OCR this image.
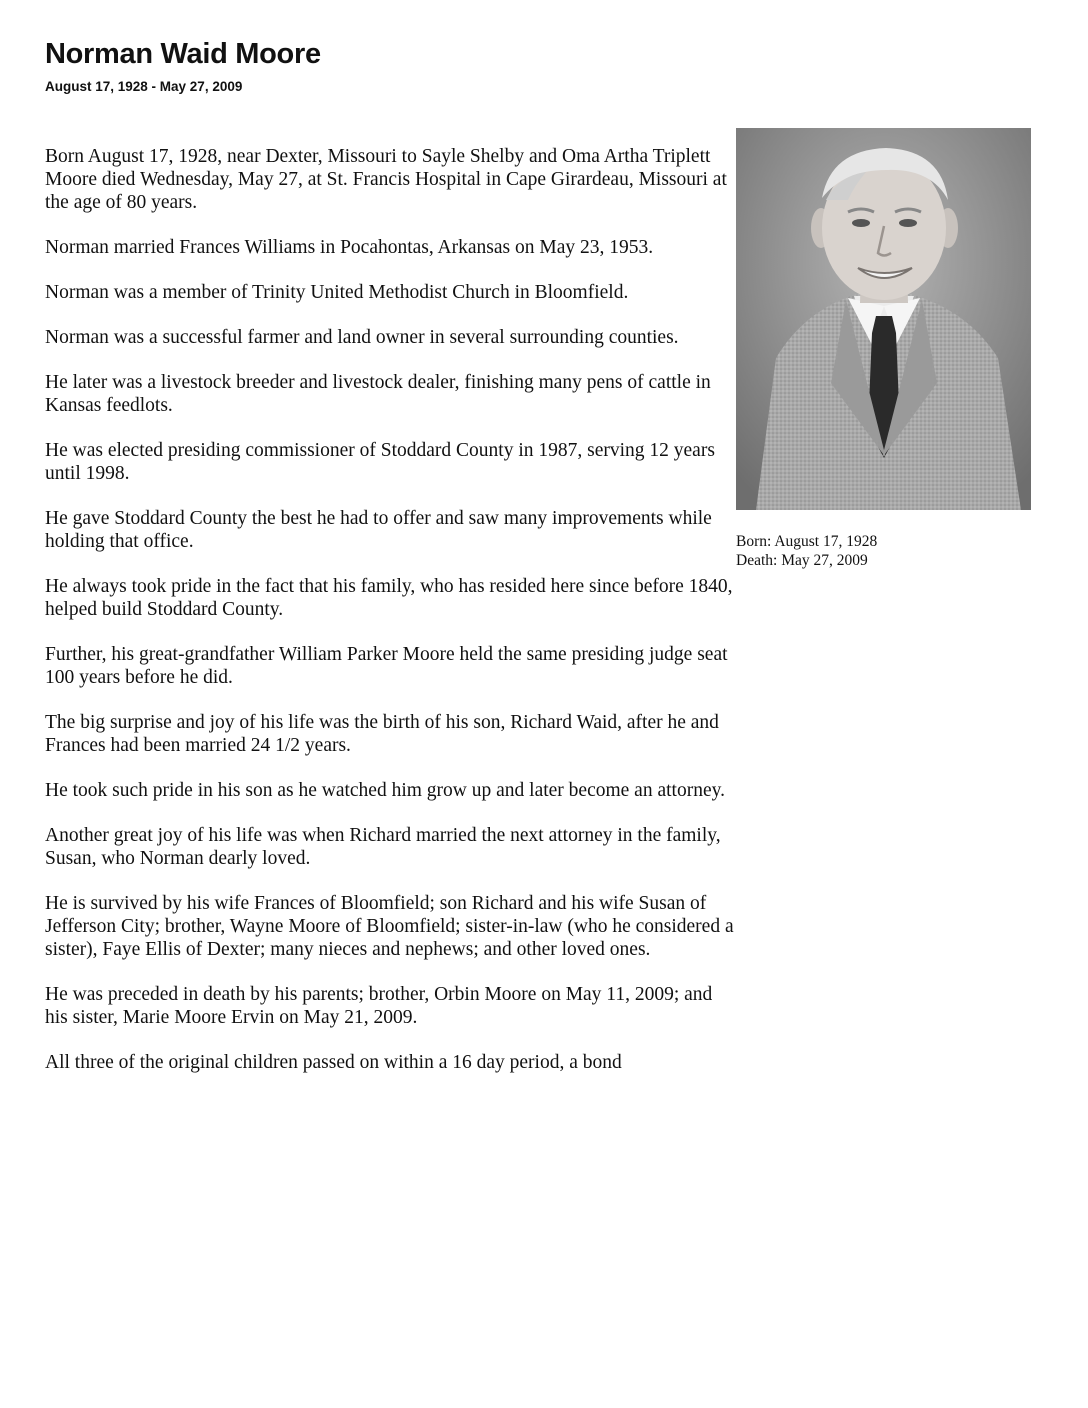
Norman Waid Moore
August 17, 1928 - May 27, 2009

Born August 17, 1928, near Dexter, Missouri to Sayle Shelby and Oma Artha Triplett Moore died Wednesday, May 27, at St. Francis Hospital in Cape Girardeau, Missouri at the age of 80 years.

Norman married Frances Williams in Pocahontas, Arkansas on May 23, 1953.

Norman was a member of Trinity United Methodist Church in Bloomfield.

Norman was a successful farmer and land owner in several surrounding counties.

He later was a livestock breeder and livestock dealer, finishing many pens of cattle in Kansas feedlots.

He was elected presiding commissioner of Stoddard County in 1987, serving 12 years until 1998.

He gave Stoddard County the best he had to offer and saw many improvements while holding that office.

He always took pride in the fact that his family, who has resided here since before 1840, helped build Stoddard County.

Further, his great-grandfather William Parker Moore held the same presiding judge seat 100 years before he did.

The big surprise and joy of his life was the birth of his son, Richard Waid, after he and Frances had been married 24 1/2 years.

He took such pride in his son as he watched him grow up and later become an attorney.

Another great joy of his life was when Richard married the next attorney in the family, Susan, who Norman dearly loved.

He is survived by his wife Frances of Bloomfield; son Richard and his wife Susan of Jefferson City; brother, Wayne Moore of Bloomfield; sister-in-law (who he considered a sister), Faye Ellis of Dexter; many nieces and nephews; and other loved ones.

He was preceded in death by his parents; brother, Orbin Moore on May 11, 2009; and his sister, Marie Moore Ervin on May 21, 2009.

All three of the original children passed on within a 16 day period, a bond

Born: August 17, 1928
Death: May 27, 2009
